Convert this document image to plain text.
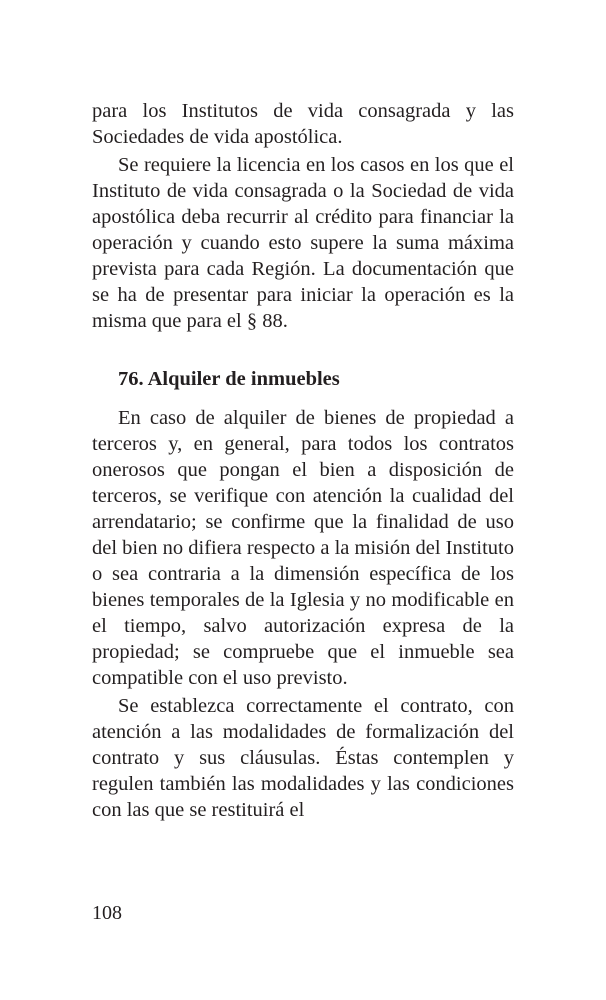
para los Institutos de vida consagrada y las Sociedades de vida apostólica.

Se requiere la licencia en los casos en los que el Instituto de vida consagrada o la Sociedad de vida apostólica deba recurrir al crédito para financiar la operación y cuando esto supere la suma máxima prevista para cada Región. La documentación que se ha de presentar para iniciar la operación es la misma que para el § 88.

76. Alquiler de inmuebles

En caso de alquiler de bienes de propiedad a terceros y, en general, para todos los contratos onerosos que pongan el bien a disposición de terceros, se verifique con atención la cualidad del arrendatario; se confirme que la finalidad de uso del bien no difiera respecto a la misión del Instituto o sea contraria a la dimensión específica de los bienes temporales de la Iglesia y no modificable en el tiempo, salvo autorización expresa de la propiedad; se compruebe que el inmueble sea compatible con el uso previsto.

Se establezca correctamente el contrato, con atención a las modalidades de formalización del contrato y sus cláusulas. Éstas contemplen y regulen también las modalidades y las condiciones con las que se restituirá el

108
